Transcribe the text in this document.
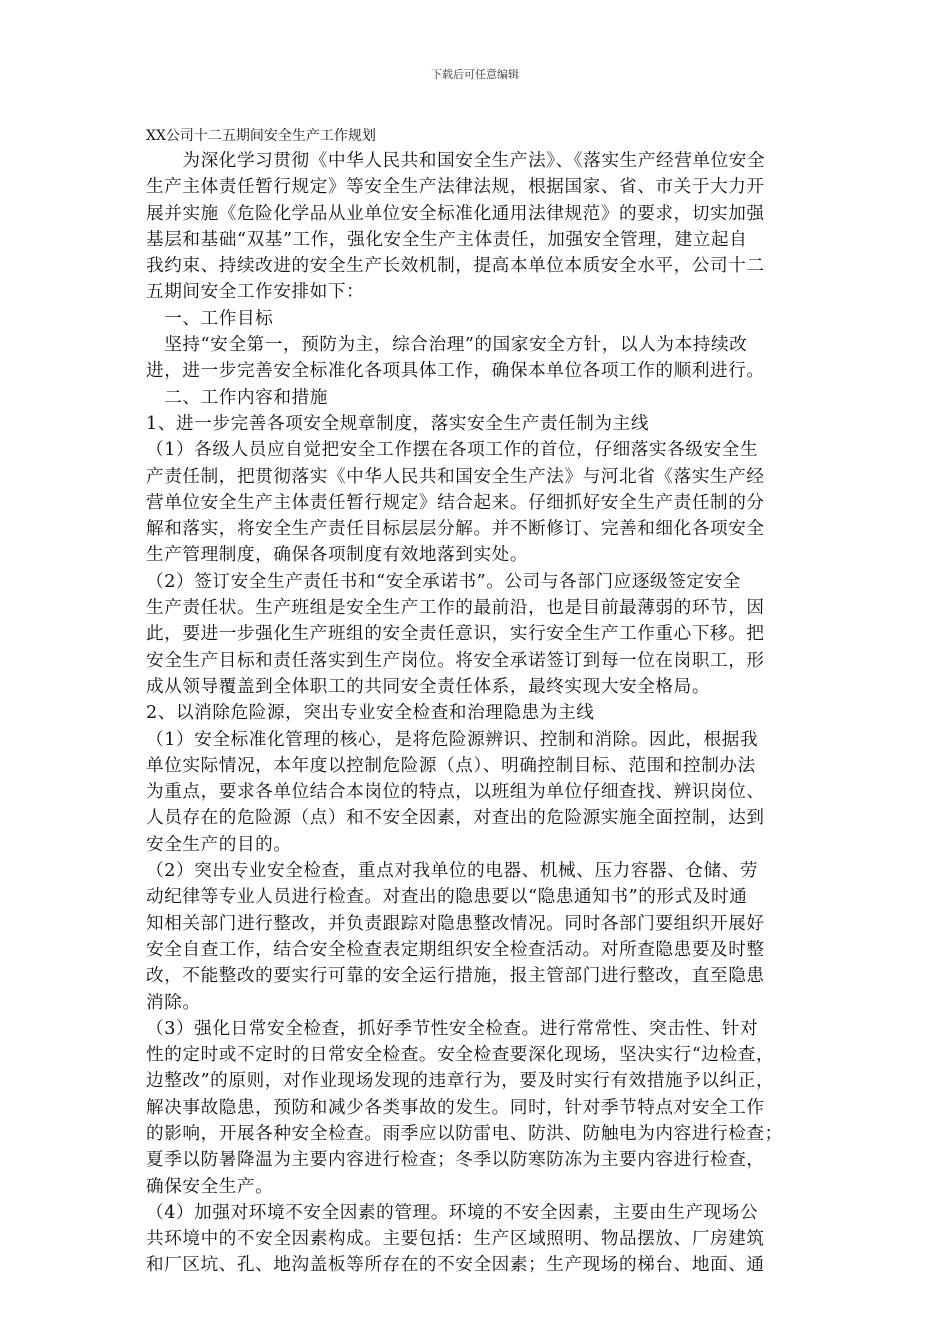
下载后可任意编辑
XX公司十二五期间安全生产工作规划

　　为深化学习贯彻《中华人民共和国安全生产法》、《落实生产经营单位安全

生产主体责任暂行规定》等安全生产法律法规，根据国家、省、市关于大力开

展并实施《危险化学品从业单位安全标准化通用法律规范》的要求，切实加强

基层和基础“双基”工作，强化安全生产主体责任，加强安全管理，建立起自

我约束、持续改进的安全生产长效机制，提高本单位本质安全水平，公司十二

五期间安全工作安排如下：

　一、工作目标

　坚持“安全第一，预防为主，综合治理”的国家安全方针，以人为本持续改

进，进一步完善安全标准化各项具体工作，确保本单位各项工作的顺利进行。

　二、工作内容和措施

1、进一步完善各项安全规章制度，落实安全生产责任制为主线

（1）各级人员应自觉把安全工作摆在各项工作的首位，仔细落实各级安全生

产责任制，把贯彻落实《中华人民共和国安全生产法》与河北省《落实生产经

营单位安全生产主体责任暂行规定》结合起来。仔细抓好安全生产责任制的分

解和落实，将安全生产责任目标层层分解。并不断修订、完善和细化各项安全

生产管理制度，确保各项制度有效地落到实处。

（2）签订安全生产责任书和“安全承诺书”。公司与各部门应逐级签定安全

生产责任状。生产班组是安全生产工作的最前沿，也是目前最薄弱的环节，因

此，要进一步强化生产班组的安全责任意识，实行安全生产工作重心下移。把

安全生产目标和责任落实到生产岗位。将安全承诺签订到每一位在岗职工，形

成从领导覆盖到全体职工的共同安全责任体系，最终实现大安全格局。

2、以消除危险源，突出专业安全检查和治理隐患为主线

（1）安全标准化管理的核心，是将危险源辨识、控制和消除。因此，根据我

单位实际情况，本年度以控制危险源（点）、明确控制目标、范围和控制办法

为重点，要求各单位结合本岗位的特点，以班组为单位仔细查找、辨识岗位、

人员存在的危险源（点）和不安全因素，对查出的危险源实施全面控制，达到

安全生产的目的。

（2）突出专业安全检查，重点对我单位的电器、机械、压力容器、仓储、劳

动纪律等专业人员进行检查。对查出的隐患要以“隐患通知书”的形式及时通

知相关部门进行整改，并负责跟踪对隐患整改情况。同时各部门要组织开展好

安全自查工作，结合安全检查表定期组织安全检查活动。对所查隐患要及时整

改，不能整改的要实行可靠的安全运行措施，报主管部门进行整改，直至隐患

消除。

（3）强化日常安全检查，抓好季节性安全检查。进行常常性、突击性、针对

性的定时或不定时的日常安全检查。安全检查要深化现场，坚决实行“边检查，

边整改”的原则，对作业现场发现的违章行为，要及时实行有效措施予以纠正，

解决事故隐患，预防和减少各类事故的发生。同时，针对季节特点对安全工作

的影响，开展各种安全检查。雨季应以防雷电、防洪、防触电为内容进行检查；

夏季以防暑降温为主要内容进行检查；冬季以防寒防冻为主要内容进行检查，

确保安全生产。

（4）加强对环境不安全因素的管理。环境的不安全因素，主要由生产现场公

共环境中的不安全因素构成。主要包括：生产区域照明、物品摆放、厂房建筑

和厂区坑、孔、地沟盖板等所存在的不安全因素；生产现场的梯台、地面、通
